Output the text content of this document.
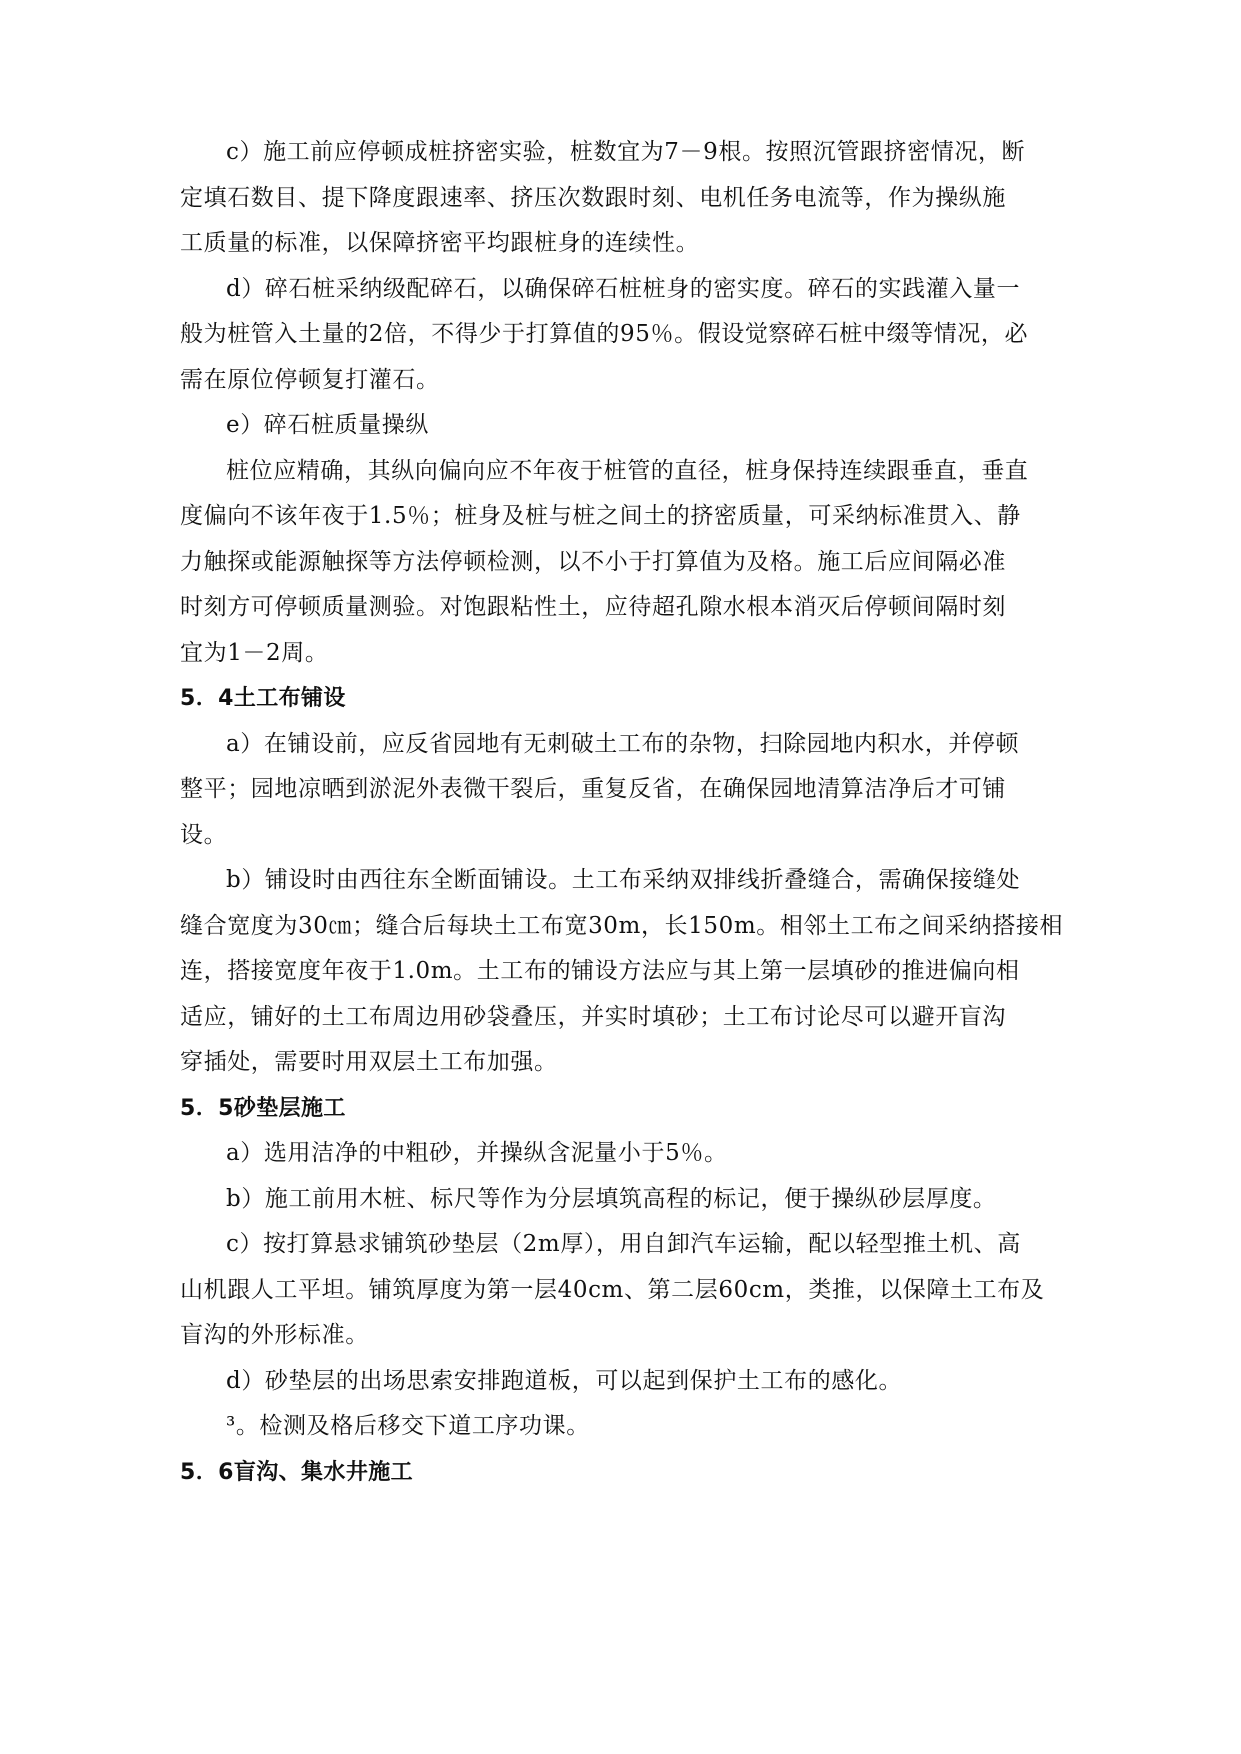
c）施工前应停顿成桩挤密实验，桩数宜为7－9根。按照沉管跟挤密情况，断
定填石数目、提下降度跟速率、挤压次数跟时刻、电机任务电流等，作为操纵施
工质量的标准，以保障挤密平均跟桩身的连续性。
d）碎石桩采纳级配碎石，以确保碎石桩桩身的密实度。碎石的实践灌入量一
般为桩管入土量的2倍，不得少于打算值的95％。假设觉察碎石桩中缀等情况，必
需在原位停顿复打灌石。
e）碎石桩质量操纵
桩位应精确，其纵向偏向应不年夜于桩管的直径，桩身保持连续跟垂直，垂直
度偏向不该年夜于1.5％；桩身及桩与桩之间土的挤密质量，可采纳标准贯入、静
力触探或能源触探等方法停顿检测，以不小于打算值为及格。施工后应间隔必准
时刻方可停顿质量测验。对饱跟粘性土，应待超孔隙水根本消灭后停顿间隔时刻
宜为1－2周。
5．4土工布铺设
a）在铺设前，应反省园地有无刺破土工布的杂物，扫除园地内积水，并停顿
整平；园地凉晒到淤泥外表微干裂后，重复反省，在确保园地清算洁净后才可铺
设。
b）铺设时由西往东全断面铺设。土工布采纳双排线折叠缝合，需确保接缝处
缝合宽度为30㎝；缝合后每块土工布宽30m，长150m。相邻土工布之间采纳搭接相
连，搭接宽度年夜于1.0m。土工布的铺设方法应与其上第一层填砂的推进偏向相
适应，铺好的土工布周边用砂袋叠压，并实时填砂；土工布讨论尽可以避开盲沟
穿插处，需要时用双层土工布加强。
5．5砂垫层施工
a）选用洁净的中粗砂，并操纵含泥量小于5％。
b）施工前用木桩、标尺等作为分层填筑高程的标记，便于操纵砂层厚度。
c）按打算悬求铺筑砂垫层（2m厚），用自卸汽车运输，配以轻型推土机、高
山机跟人工平坦。铺筑厚度为第一层40cm、第二层60cm，类推，以保障土工布及
盲沟的外形标准。
d）砂垫层的出场思索安排跑道板，可以起到保护土工布的感化。
³。检测及格后移交下道工序功课。
5．6盲沟、集水井施工
